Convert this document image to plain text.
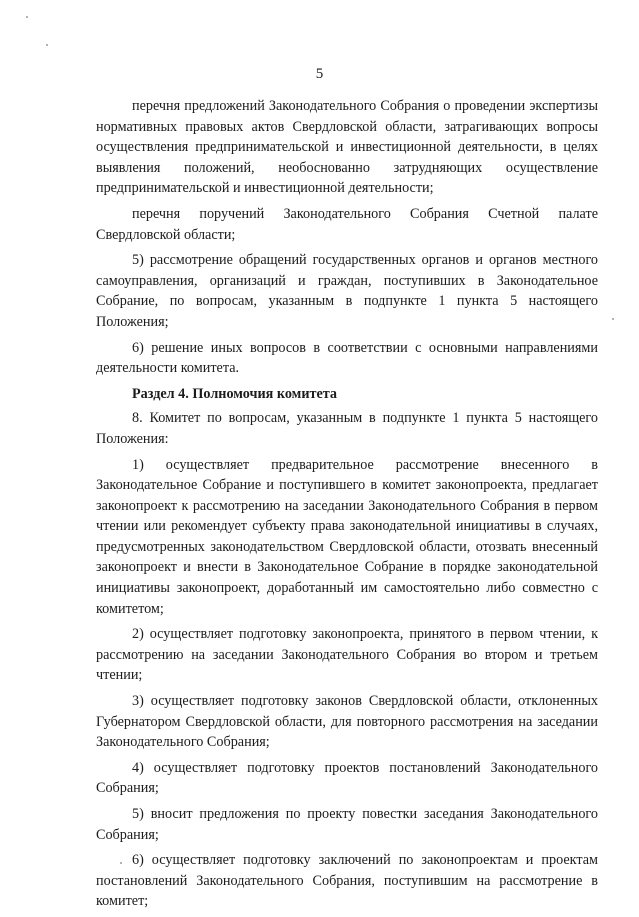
5

перечня предложений Законодательного Собрания о проведении экспертизы нормативных правовых актов Свердловской области, затрагивающих вопросы осуществления предпринимательской и инвестиционной деятельности, в целях выявления положений, необоснованно затрудняющих осуществление предпринимательской и инвестиционной деятельности;

перечня поручений Законодательного Собрания Счетной палате Свердловской области;

5) рассмотрение обращений государственных органов и органов местного самоуправления, организаций и граждан, поступивших в Законодательное Собрание, по вопросам, указанным в подпункте 1 пункта 5 настоящего Положения;

6) решение иных вопросов в соответствии с основными направлениями деятельности комитета.

Раздел 4. Полномочия комитета

8. Комитет по вопросам, указанным в подпункте 1 пункта 5 настоящего Положения:

1) осуществляет предварительное рассмотрение внесенного в Законодательное Собрание и поступившего в комитет законопроекта, предлагает законопроект к рассмотрению на заседании Законодательного Собрания в первом чтении или рекомендует субъекту права законодательной инициативы в случаях, предусмотренных законодательством Свердловской области, отозвать внесенный законопроект и внести в Законодательное Собрание в порядке законодательной инициативы законопроект, доработанный им самостоятельно либо совместно с комитетом;

2) осуществляет подготовку законопроекта, принятого в первом чтении, к рассмотрению на заседании Законодательного Собрания во втором и третьем чтении;

3) осуществляет подготовку законов Свердловской области, отклоненных Губернатором Свердловской области, для повторного рассмотрения на заседании Законодательного Собрания;

4) осуществляет подготовку проектов постановлений Законодательного Собрания;

5) вносит предложения по проекту повестки заседания Законодательного Собрания;

6) осуществляет подготовку заключений по законопроектам и проектам постановлений Законодательного Собрания, поступившим на рассмотрение в комитет;
